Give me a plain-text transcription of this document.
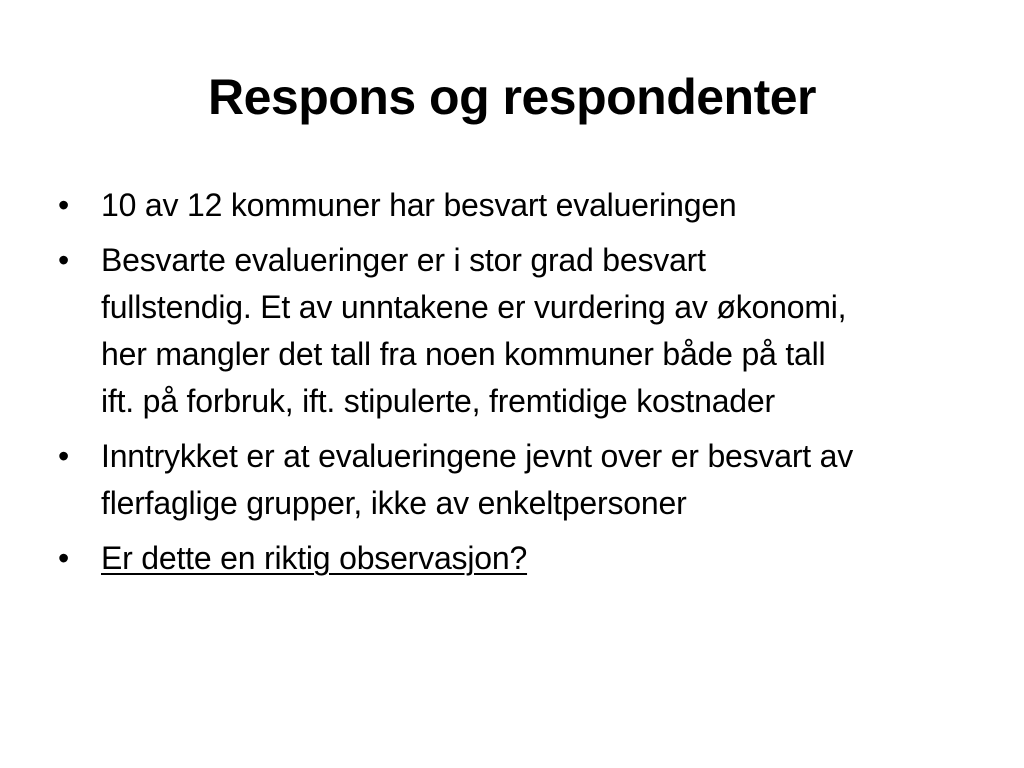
Respons og respondenter
• 10 av 12 kommuner har besvart evalueringen
• Besvarte evalueringer er i stor grad besvart fullstendig. Et av unntakene er vurdering av økonomi, her mangler det tall fra noen kommuner både på tall ift. på forbruk, ift. stipulerte, fremtidige kostnader
• Inntrykket er at evalueringene jevnt over er besvart av flerfaglige grupper, ikke av enkeltpersoner
• Er dette en riktig observasjon?
